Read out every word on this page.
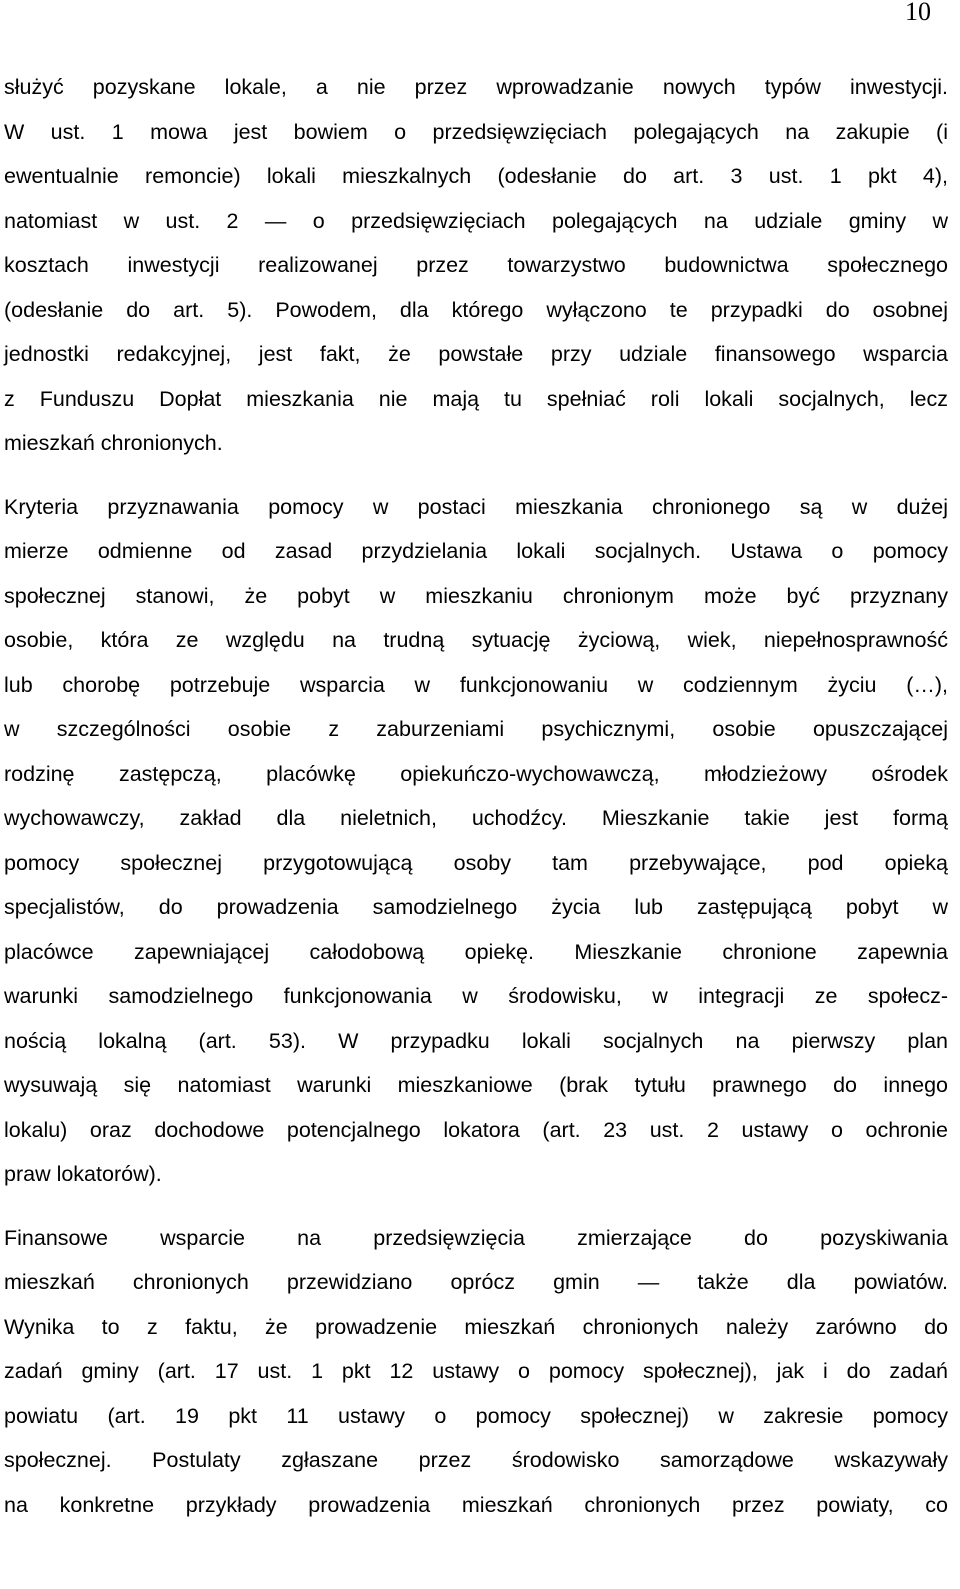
10
służyć pozyskane lokale, a nie przez wprowadzanie nowych typów inwestycji.
W ust. 1 mowa jest bowiem o przedsięwzięciach polegających na zakupie (i
ewentualnie remoncie) lokali mieszkalnych (odesłanie do art. 3 ust. 1 pkt 4),
natomiast w ust. 2 — o przedsięwzięciach polegających na udziale gminy w
kosztach inwestycji realizowanej przez towarzystwo budownictwa społecznego
(odesłanie do art. 5). Powodem, dla którego wyłączono te przypadki do osobnej
jednostki redakcyjnej, jest fakt, że powstałe przy udziale finansowego wsparcia
z Funduszu Dopłat mieszkania nie mają tu spełniać roli lokali socjalnych, lecz
mieszkań chronionych.
Kryteria przyznawania pomocy w postaci mieszkania chronionego są w dużej
mierze odmienne od zasad przydzielania lokali socjalnych. Ustawa o pomocy
społecznej stanowi, że pobyt w mieszkaniu chronionym może być przyznany
osobie, która ze względu na trudną sytuację życiową, wiek, niepełnosprawność
lub chorobę potrzebuje wsparcia w funkcjonowaniu w codziennym życiu (…),
w szczególności osobie z zaburzeniami psychicznymi, osobie opuszczającej
rodzinę zastępczą, placówkę opiekuńczo-wychowawczą, młodzieżowy ośrodek
wychowawczy, zakład dla nieletnich, uchodźcy. Mieszkanie takie jest formą
pomocy społecznej przygotowującą osoby tam przebywające, pod opieką
specjalistów, do prowadzenia samodzielnego życia lub zastępującą pobyt w
placówce zapewniającej całodobową opiekę. Mieszkanie chronione zapewnia
warunki samodzielnego funkcjonowania w środowisku, w integracji ze społecz-
nością lokalną (art. 53). W przypadku lokali socjalnych na pierwszy plan
wysuwają się natomiast warunki mieszkaniowe (brak tytułu prawnego do innego
lokalu) oraz dochodowe potencjalnego lokatora (art. 23 ust. 2 ustawy o ochronie
praw lokatorów).
Finansowe wsparcie na przedsięwzięcia zmierzające do pozyskiwania
mieszkań chronionych przewidziano oprócz gmin — także dla powiatów.
Wynika to z faktu, że prowadzenie mieszkań chronionych należy zarówno do
zadań gminy (art. 17 ust. 1 pkt 12 ustawy o pomocy społecznej), jak i do zadań
powiatu (art. 19 pkt 11 ustawy o pomocy społecznej) w zakresie pomocy
społecznej. Postulaty zgłaszane przez środowisko samorządowe wskazywały
na konkretne przykłady prowadzenia mieszkań chronionych przez powiaty, co
